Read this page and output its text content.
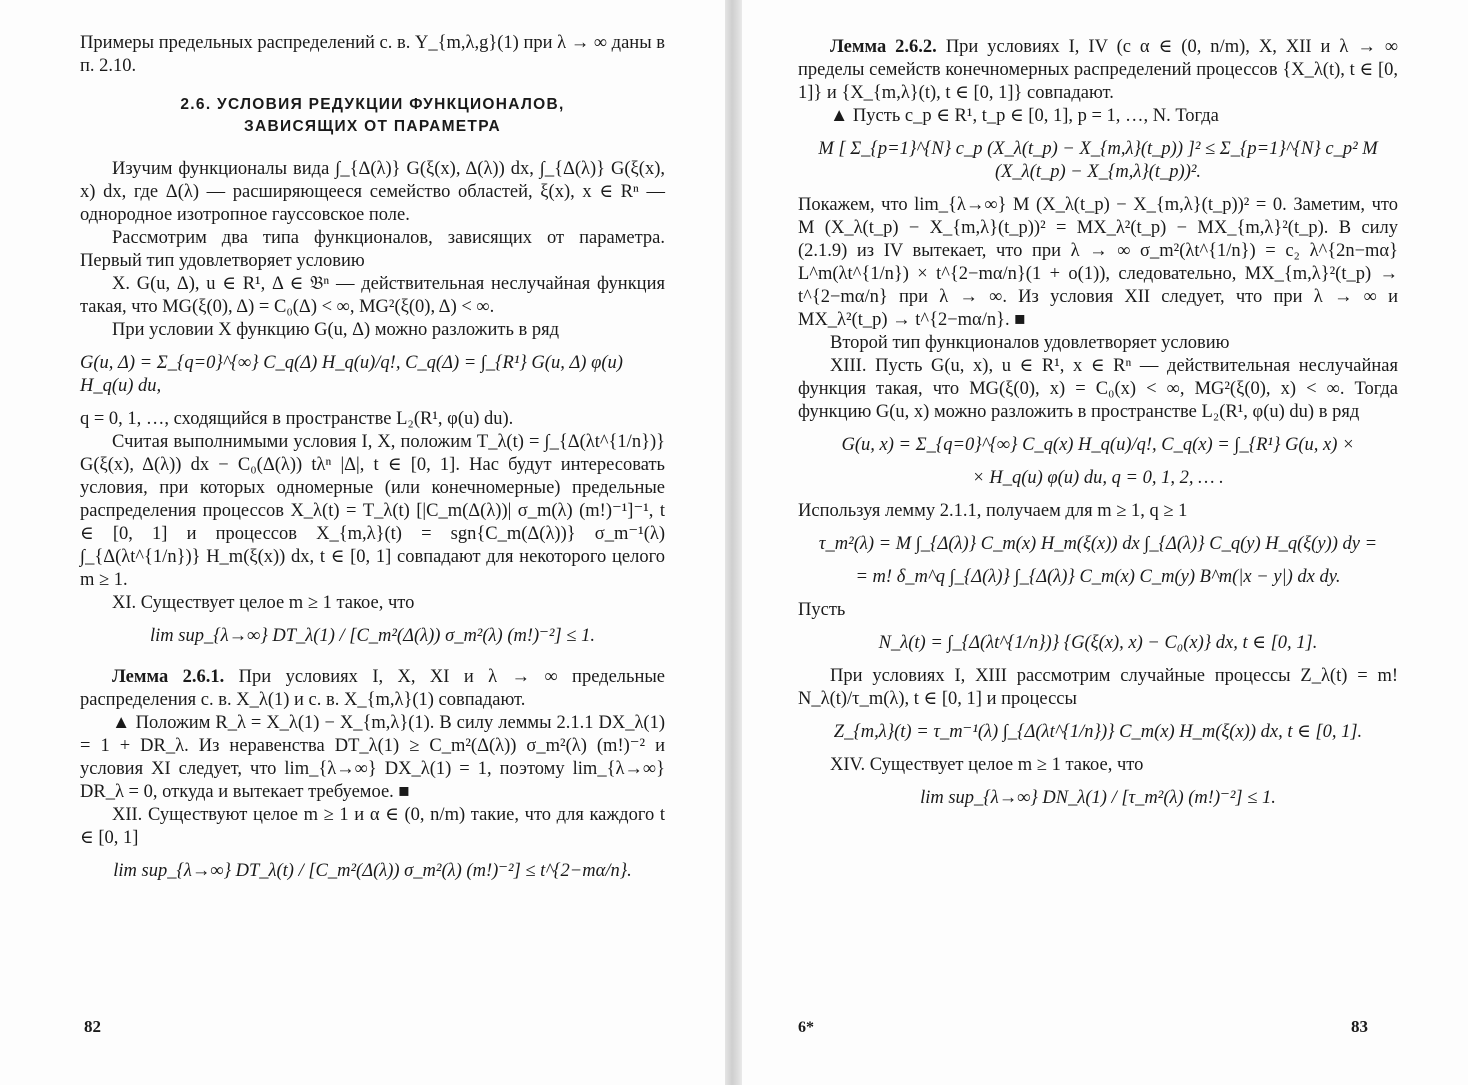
Примеры предельных распределений с. в. Y_{m,λ,g}(1) при λ → ∞ даны в п. 2.10.

2.6. УСЛОВИЯ РЕДУКЦИИ ФУНКЦИОНАЛОВ,
ЗАВИСЯЩИХ ОТ ПАРАМЕТРА

Изучим функционалы вида ∫_{Δ(λ)} G(ξ(x), Δ(λ)) dx, ∫_{Δ(λ)} G(ξ(x), x) dx, где Δ(λ) — расширяющееся семейство областей, ξ(x), x ∈ Rⁿ — однородное изотропное гауссовское поле.

Рассмотрим два типа функционалов, зависящих от параметра. Первый тип удовлетворяет условию

X. G(u, Δ), u ∈ R¹, Δ ∈ 𝔅ⁿ — действительная неслучайная функция такая, что MG(ξ(0), Δ) = C₀(Δ) < ∞, MG²(ξ(0), Δ) < ∞.

При условии X функцию G(u, Δ) можно разложить в ряд

G(u, Δ) = Σ_{q=0}^{∞} C_q(Δ) H_q(u)/q!, C_q(Δ) = ∫_{R¹} G(u, Δ) φ(u) H_q(u) du,

q = 0, 1, …, сходящийся в пространстве L₂(R¹, φ(u) du).

Считая выполнимыми условия I, X, положим T_λ(t) = ∫_{Δ(λt^{1/n})} G(ξ(x), Δ(λ)) dx − C₀(Δ(λ)) tλⁿ |Δ|, t ∈ [0, 1]. Нас будут интересовать условия, при которых одномерные (или конечномерные) предельные распределения процессов X_λ(t) = T_λ(t) [|C_m(Δ(λ))| σ_m(λ) (m!)⁻¹]⁻¹, t ∈ [0, 1] и процессов X_{m,λ}(t) = sgn{C_m(Δ(λ))} σ_m⁻¹(λ) ∫_{Δ(λt^{1/n})} H_m(ξ(x)) dx, t ∈ [0, 1] совпадают для некоторого целого m ≥ 1.

XI. Существует целое m ≥ 1 такое, что

lim sup_{λ→∞} DT_λ(1) / [C_m²(Δ(λ)) σ_m²(λ) (m!)⁻²] ≤ 1.

Лемма 2.6.1. При условиях I, X, XI и λ → ∞ предельные распределения с. в. X_λ(1) и с. в. X_{m,λ}(1) совпадают.

▲ Положим R_λ = X_λ(1) − X_{m,λ}(1). В силу леммы 2.1.1 DX_λ(1) = 1 + DR_λ. Из неравенства DT_λ(1) ≥ C_m²(Δ(λ)) σ_m²(λ) (m!)⁻² и условия XI следует, что lim_{λ→∞} DX_λ(1) = 1, поэтому lim_{λ→∞} DR_λ = 0, откуда и вытекает требуемое. ■

XII. Существуют целое m ≥ 1 и α ∈ (0, n/m) такие, что для каждого t ∈ [0, 1]

lim sup_{λ→∞} DT_λ(t) / [C_m²(Δ(λ)) σ_m²(λ) (m!)⁻²] ≤ t^{2−mα/n}.
82

Лемма 2.6.2. При условиях I, IV (с α ∈ (0, n/m), X, XII и λ → ∞ пределы семейств конечномерных распределений процессов {X_λ(t), t ∈ [0, 1]} и {X_{m,λ}(t), t ∈ [0, 1]} совпадают.

▲ Пусть c_p ∈ R¹, t_p ∈ [0, 1], p = 1, …, N. Тогда

M [ Σ_{p=1}^{N} c_p (X_λ(t_p) − X_{m,λ}(t_p)) ]² ≤ Σ_{p=1}^{N} c_p² M (X_λ(t_p) − X_{m,λ}(t_p))².

Покажем, что lim_{λ→∞} M (X_λ(t_p) − X_{m,λ}(t_p))² = 0. Заметим, что M (X_λ(t_p) − X_{m,λ}(t_p))² = MX_λ²(t_p) − MX_{m,λ}²(t_p). В силу (2.1.9) из IV вытекает, что при λ → ∞ σ_m²(λt^{1/n}) = c₂ λ^{2n−mα} L^m(λt^{1/n}) × t^{2−mα/n}(1 + o(1)), следовательно, MX_{m,λ}²(t_p) → t^{2−mα/n} при λ → ∞. Из условия XII следует, что при λ → ∞ и MX_λ²(t_p) → t^{2−mα/n}. ■

Второй тип функционалов удовлетворяет условию

XIII. Пусть G(u, x), u ∈ R¹, x ∈ Rⁿ — действительная неслучайная функция такая, что MG(ξ(0), x) = C₀(x) < ∞, MG²(ξ(0), x) < ∞. Тогда функцию G(u, x) можно разложить в пространстве L₂(R¹, φ(u) du) в ряд

G(u, x) = Σ_{q=0}^{∞} C_q(x) H_q(u)/q!, C_q(x) = ∫_{R¹} G(u, x) ×
× H_q(u) φ(u) du, q = 0, 1, 2, … .

Используя лемму 2.1.1, получаем для m ≥ 1, q ≥ 1

τ_m²(λ) = M ∫_{Δ(λ)} C_m(x) H_m(ξ(x)) dx ∫_{Δ(λ)} C_q(y) H_q(ξ(y)) dy =
= m! δ_m^q ∫_{Δ(λ)} ∫_{Δ(λ)} C_m(x) C_m(y) B^m(|x − y|) dx dy.

Пусть

N_λ(t) = ∫_{Δ(λt^{1/n})} {G(ξ(x), x) − C₀(x)} dx, t ∈ [0, 1].

При условиях I, XIII рассмотрим случайные процессы Z_λ(t) = m! N_λ(t)/τ_m(λ), t ∈ [0, 1] и процессы

Z_{m,λ}(t) = τ_m⁻¹(λ) ∫_{Δ(λt^{1/n})} C_m(x) H_m(ξ(x)) dx, t ∈ [0, 1].

XIV. Существует целое m ≥ 1 такое, что

lim sup_{λ→∞} DN_λ(1) / [τ_m²(λ) (m!)⁻²] ≤ 1.
6*	83
